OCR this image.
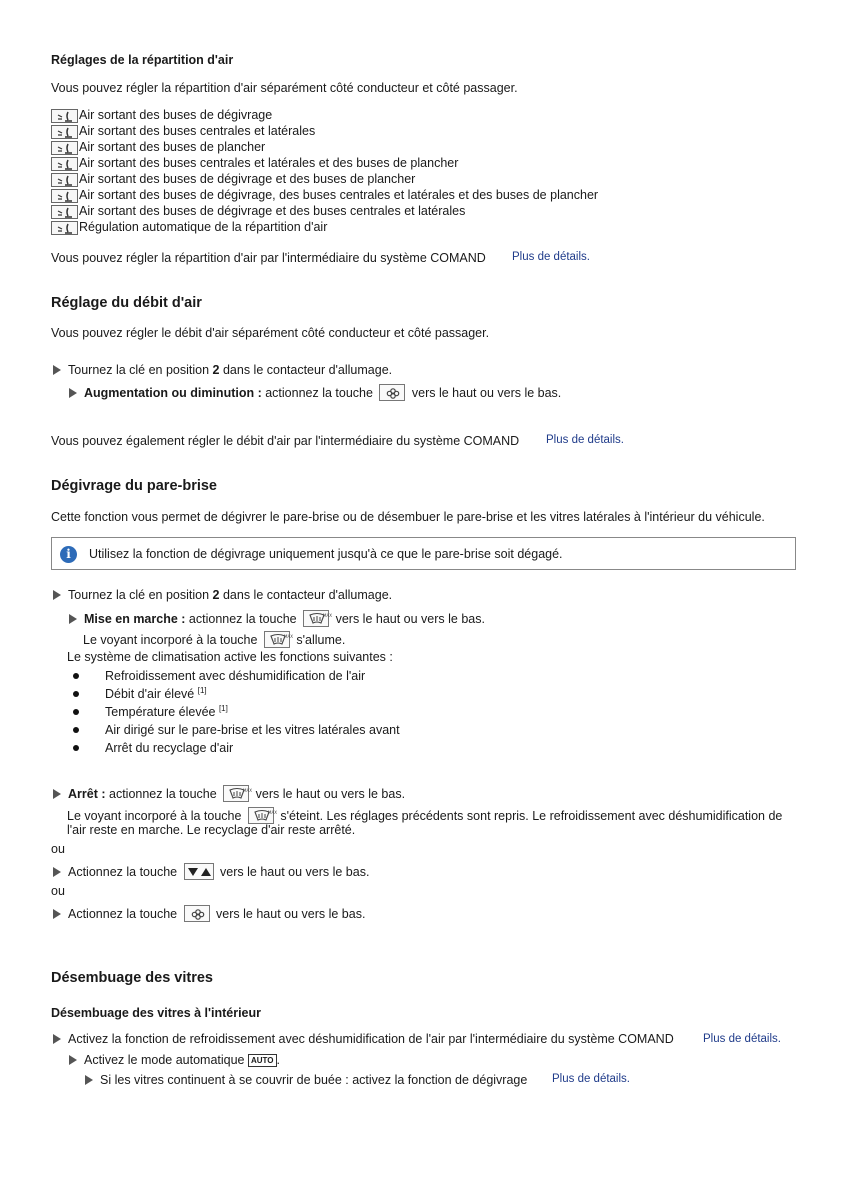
Réglages de la répartition d'air
Vous pouvez régler la répartition d'air séparément côté conducteur et côté passager.
Air sortant des buses de dégivrage
Air sortant des buses centrales et latérales
Air sortant des buses de plancher
Air sortant des buses centrales et latérales et des buses de plancher
Air sortant des buses de dégivrage et des buses de plancher
Air sortant des buses de dégivrage, des buses centrales et latérales et des buses de plancher
Air sortant des buses de dégivrage et des buses centrales et latérales
Régulation automatique de la répartition d'air
Vous pouvez régler la répartition d'air par l'intermédiaire du système COMAND Plus de détails.
Réglage du débit d'air
Vous pouvez régler le débit d'air séparément côté conducteur et côté passager.
Tournez la clé en position 2 dans le contacteur d'allumage.
Augmentation ou diminution : actionnez la touche	vers le haut ou vers le bas.
Vous pouvez également régler le débit d'air par l'intermédiaire du système COMAND Plus de détails.
Dégivrage du pare-brise
Cette fonction vous permet de dégivrer le pare-brise ou de désembuer le pare-brise et les vitres latérales à l'intérieur du véhicule.
i	Utilisez la fonction de dégivrage uniquement jusqu'à ce que le pare-brise soit dégagé.
Tournez la clé en position 2 dans le contacteur d'allumage.
Mise en marche : actionnez la touche	MAX vers le haut ou vers le bas.
Le voyant incorporé à la touche	MAX s'allume.
Le système de climatisation active les fonctions suivantes :
Refroidissement avec déshumidification de l'air
Débit d'air élevé [1]
Température élevée [1]
Air dirigé sur le pare-brise et les vitres latérales avant
Arrêt du recyclage d'air
Arrêt : actionnez la touche	MAX vers le haut ou vers le bas.
Le voyant incorporé à la touche	MAX s'éteint. Les réglages précédents sont repris. Le refroidissement avec déshumidification de
l'air reste en marche. Le recyclage d'air reste arrêté.
ou
Actionnez la touche	vers le haut ou vers le bas.
ou
Actionnez la touche	vers le haut ou vers le bas.
Désembuage des vitres
Désembuage des vitres à l'intérieur
Activez la fonction de refroidissement avec déshumidification de l'air par l'intermédiaire du système COMAND	Plus de détails.
Activez le mode automatique AUTO .
Si les vitres continuent à se couvrir de buée : activez la fonction de dégivrage Plus de détails.
